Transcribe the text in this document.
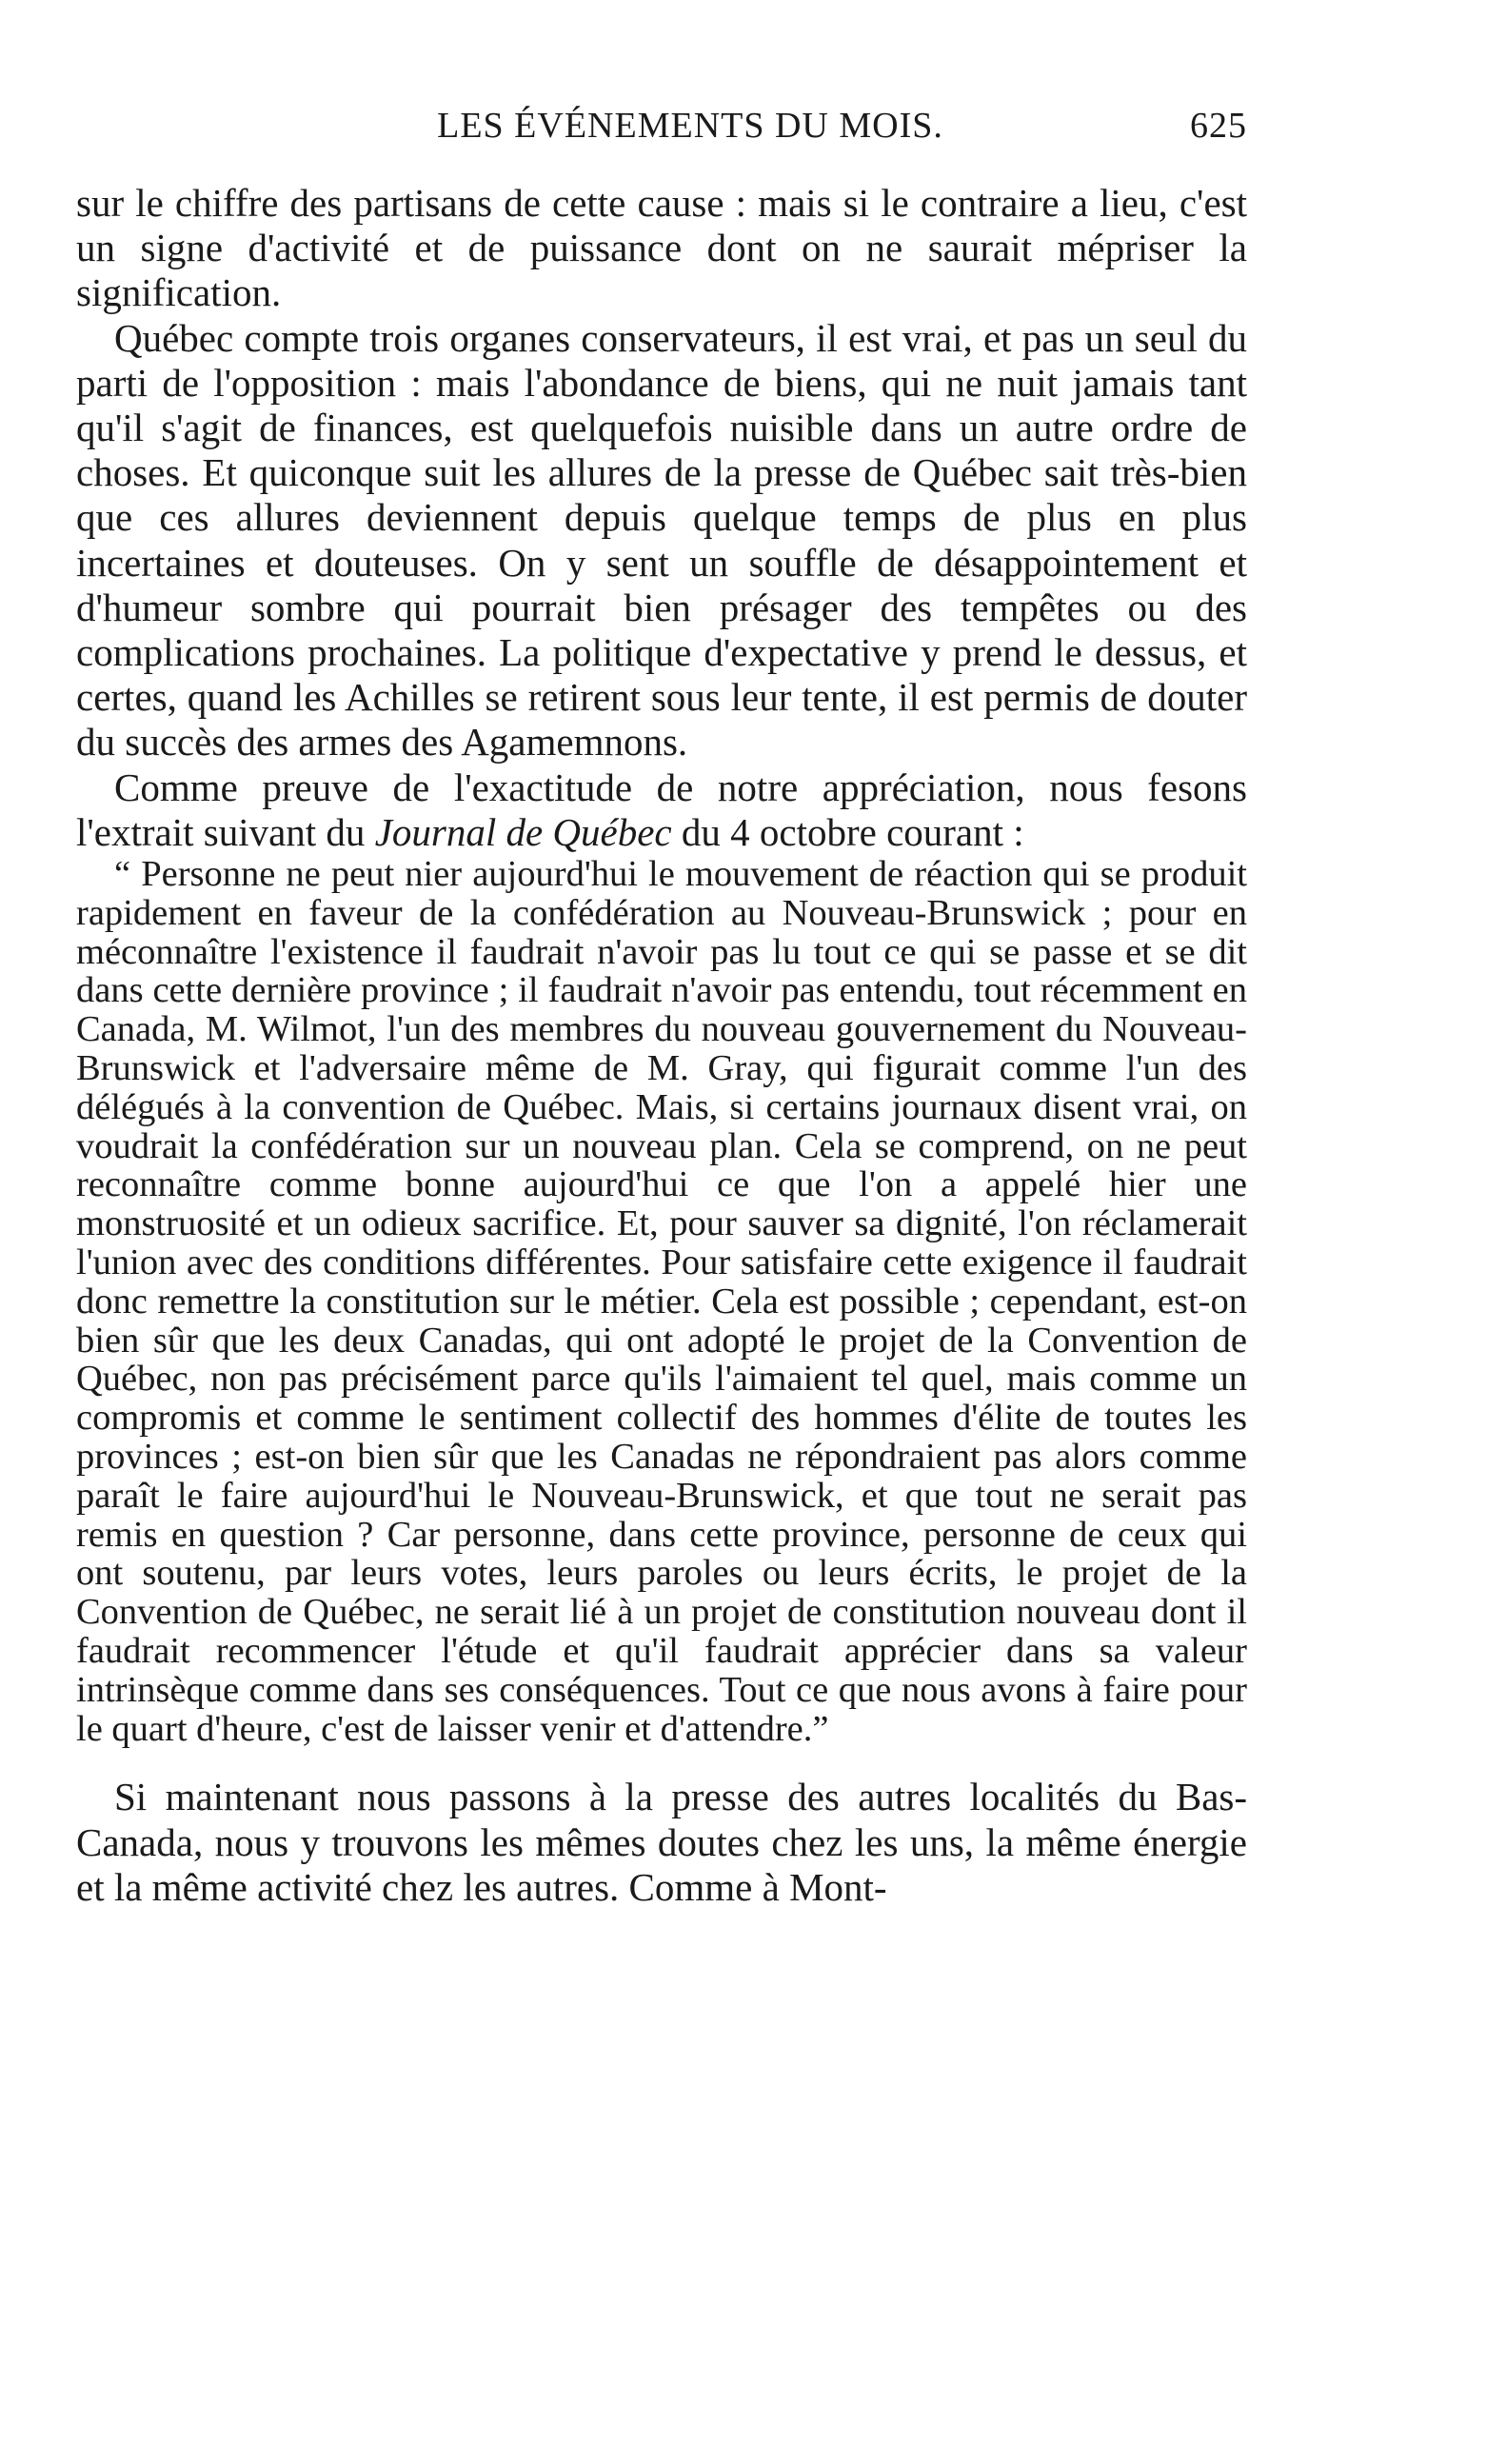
LES ÉVÉNEMENTS DU MOIS.	625

sur le chiffre des partisans de cette cause : mais si le contraire a lieu, c'est un signe d'activité et de puissance dont on ne saurait mépriser la signification.

Québec compte trois organes conservateurs, il est vrai, et pas un seul du parti de l'opposition : mais l'abondance de biens, qui ne nuit jamais tant qu'il s'agit de finances, est quelquefois nuisible dans un autre ordre de choses. Et quiconque suit les allures de la presse de Québec sait très-bien que ces allures deviennent depuis quelque temps de plus en plus incertaines et douteuses. On y sent un souffle de désappointement et d'humeur sombre qui pourrait bien présager des tempêtes ou des complications prochaines. La politique d'expectative y prend le dessus, et certes, quand les Achilles se retirent sous leur tente, il est permis de douter du succès des armes des Agamemnons.

Comme preuve de l'exactitude de notre appréciation, nous fesons l'extrait suivant du Journal de Québec du 4 octobre courant :

“ Personne ne peut nier aujourd'hui le mouvement de réaction qui se produit rapidement en faveur de la confédération au Nouveau-Brunswick ; pour en méconnaître l'existence il faudrait n'avoir pas lu tout ce qui se passe et se dit dans cette dernière province ; il faudrait n'avoir pas entendu, tout récemment en Canada, M. Wilmot, l'un des membres du nouveau gouvernement du Nouveau-Brunswick et l'adversaire même de M. Gray, qui figurait comme l'un des délégués à la convention de Québec. Mais, si certains journaux disent vrai, on voudrait la confédération sur un nouveau plan. Cela se comprend, on ne peut reconnaître comme bonne aujourd'hui ce que l'on a appelé hier une monstruosité et un odieux sacrifice. Et, pour sauver sa dignité, l'on réclamerait l'union avec des conditions différentes. Pour satisfaire cette exigence il faudrait donc remettre la constitution sur le métier. Cela est possible ; cependant, est-on bien sûr que les deux Canadas, qui ont adopté le projet de la Convention de Québec, non pas précisément parce qu'ils l'aimaient tel quel, mais comme un compromis et comme le sentiment collectif des hommes d'élite de toutes les provinces ; est-on bien sûr que les Canadas ne répondraient pas alors comme paraît le faire aujourd'hui le Nouveau-Brunswick, et que tout ne serait pas remis en question ? Car personne, dans cette province, personne de ceux qui ont soutenu, par leurs votes, leurs paroles ou leurs écrits, le projet de la Convention de Québec, ne serait lié à un projet de constitution nouveau dont il faudrait recommencer l'étude et qu'il faudrait apprécier dans sa valeur intrinsèque comme dans ses conséquences. Tout ce que nous avons à faire pour le quart d'heure, c'est de laisser venir et d'attendre.”

Si maintenant nous passons à la presse des autres localités du Bas-Canada, nous y trouvons les mêmes doutes chez les uns, la même énergie et la même activité chez les autres. Comme à Mont-
